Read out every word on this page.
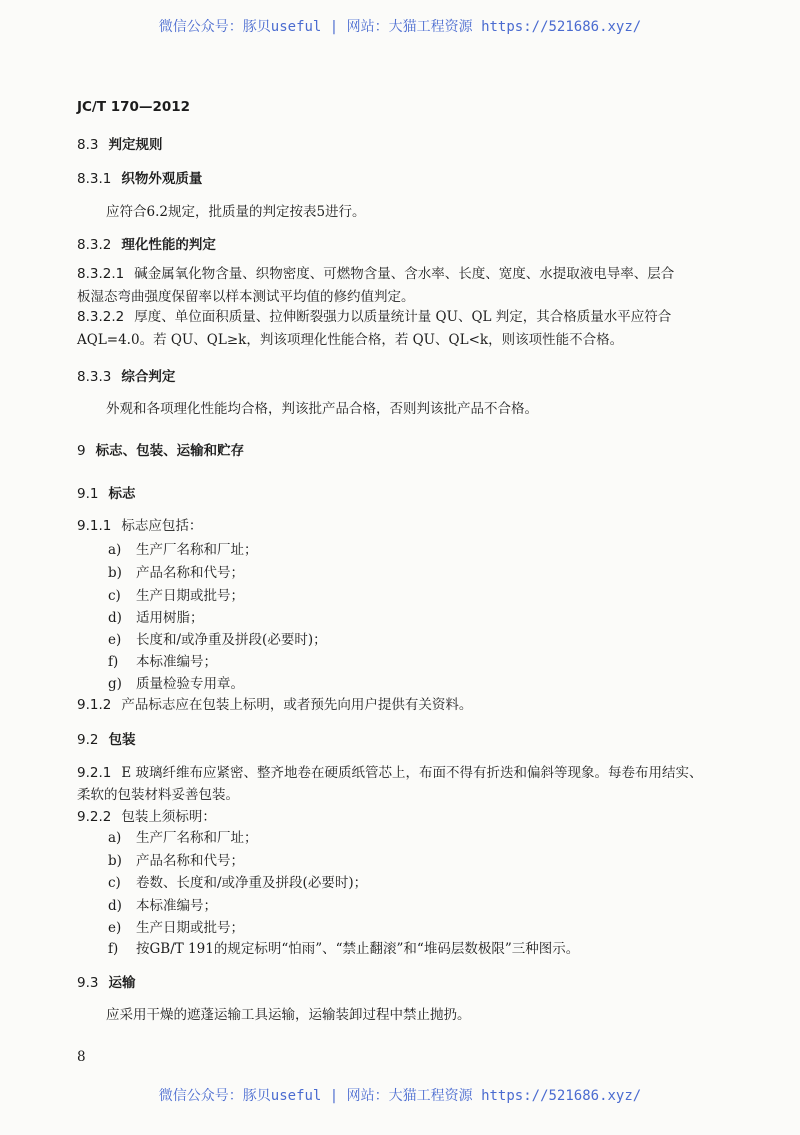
微信公众号：豚贝useful | 网站：大猫工程资源 https://521686.xyz/
JC/T 170—2012
8.3 判定规则
8.3.1 织物外观质量
应符合6.2规定，批质量的判定按表5进行。
8.3.2 理化性能的判定
8.3.2.1 碱金属氧化物含量、织物密度、可燃物含量、含水率、长度、宽度、水提取液电导率、层合
板湿态弯曲强度保留率以样本测试平均值的修约值判定。
8.3.2.2 厚度、单位面积质量、拉伸断裂强力以质量统计量 QU、QL 判定，其合格质量水平应符合
AQL=4.0。若 QU、QL≥k，判该项理化性能合格，若 QU、QL<k，则该项性能不合格。
8.3.3 综合判定
外观和各项理化性能均合格，判该批产品合格，否则判该批产品不合格。
9 标志、包装、运输和贮存
9.1 标志
9.1.1 标志应包括：
a) 生产厂名称和厂址；
b) 产品名称和代号；
c) 生产日期或批号；
d) 适用树脂；
e) 长度和/或净重及拼段(必要时)；
f) 本标准编号；
g) 质量检验专用章。
9.1.2 产品标志应在包装上标明，或者预先向用户提供有关资料。
9.2 包装
9.2.1 E 玻璃纤维布应紧密、整齐地卷在硬质纸管芯上，布面不得有折迭和偏斜等现象。每卷布用结实、
柔软的包装材料妥善包装。
9.2.2 包装上须标明：
a) 生产厂名称和厂址；
b) 产品名称和代号；
c) 卷数、长度和/或净重及拼段(必要时)；
d) 本标准编号；
e) 生产日期或批号；
f) 按GB/T 191的规定标明“怕雨”、“禁止翻滚”和“堆码层数极限”三种图示。
9.3 运输
应采用干燥的遮蓬运输工具运输，运输装卸过程中禁止抛扔。
8
微信公众号：豚贝useful | 网站：大猫工程资源 https://521686.xyz/
